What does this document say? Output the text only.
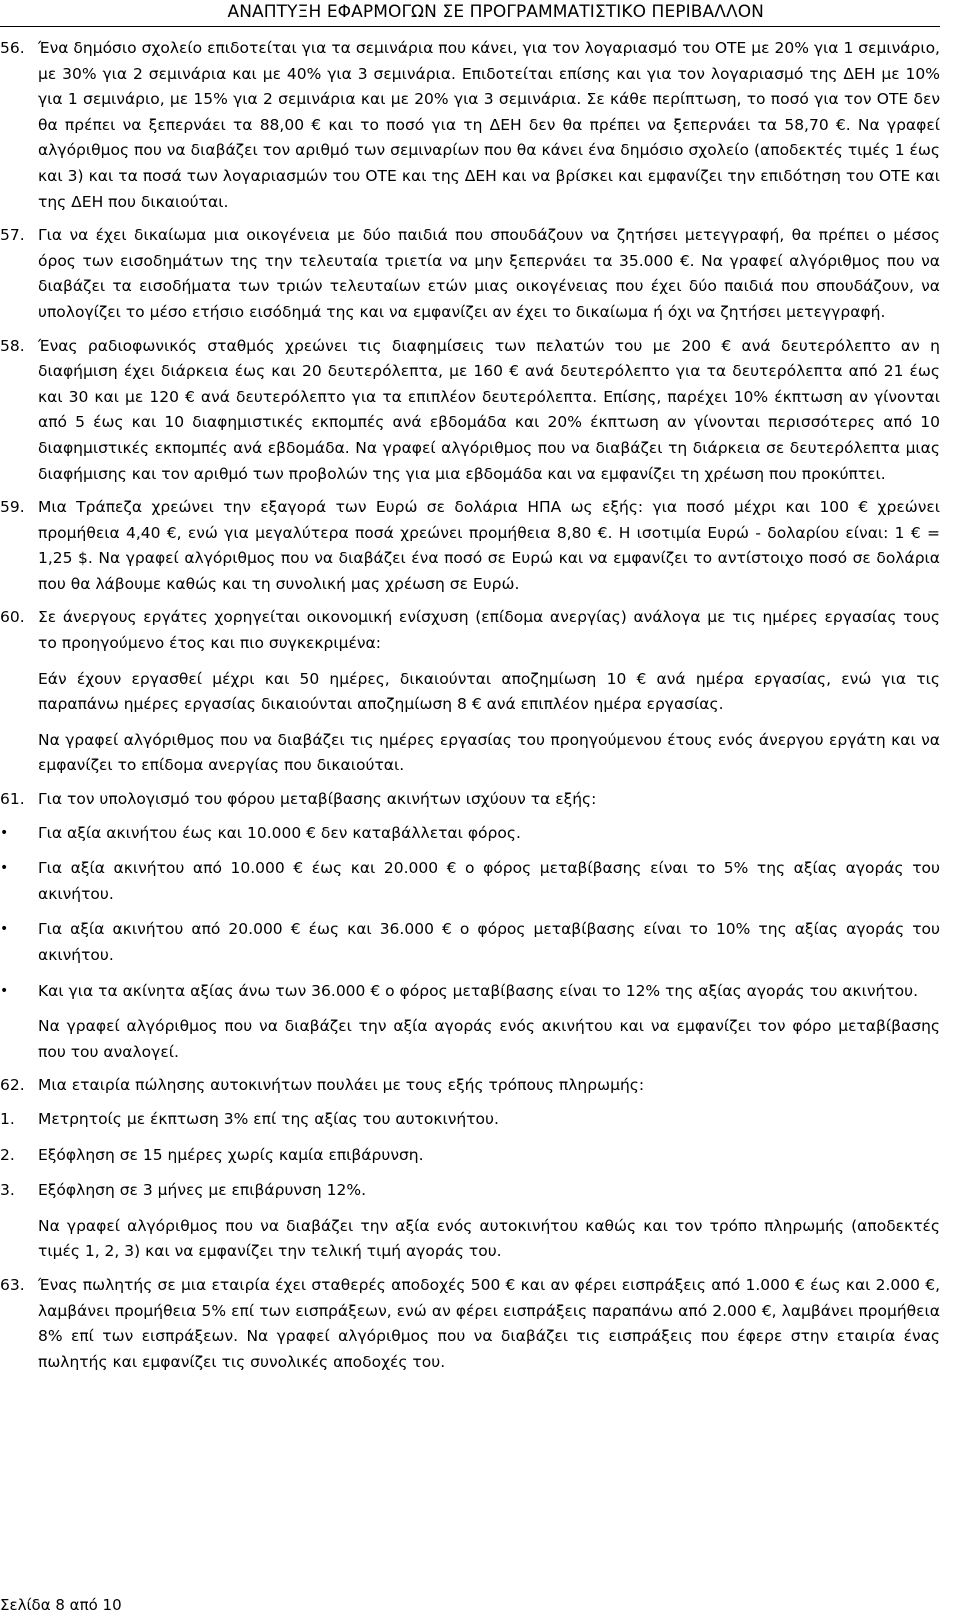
ΑΝΑΠΤΥΞΗ ΕΦΑΡΜΟΓΩΝ ΣΕ ΠΡΟΓΡΑΜΜΑΤΙΣΤΙΚΟ ΠΕΡΙΒΑΛΛΟΝ
56. Ένα δημόσιο σχολείο επιδοτείται για τα σεμινάρια που κάνει, για τον λογαριασμό του ΟΤΕ με 20% για 1 σεμινάριο, με 30% για 2 σεμινάρια και με 40% για 3 σεμινάρια. Επιδοτείται επίσης και για τον λογαριασμό της ΔΕΗ με 10% για 1 σεμινάριο, με 15% για 2 σεμινάρια και με 20% για 3 σεμινάρια. Σε κάθε περίπτωση, το ποσό για τον ΟΤΕ δεν θα πρέπει να ξεπερνάει τα 88,00 € και το ποσό για τη ΔΕΗ δεν θα πρέπει να ξεπερνάει τα 58,70 €. Να γραφεί αλγόριθμος που να διαβάζει τον αριθμό των σεμιναρίων που θα κάνει ένα δημόσιο σχολείο (αποδεκτές τιμές 1 έως και 3) και τα ποσά των λογαριασμών του ΟΤΕ και της ΔΕΗ και να βρίσκει και εμφανίζει την επιδότηση του ΟΤΕ και της ΔΕΗ που δικαιούται.

57. Για να έχει δικαίωμα μια οικογένεια με δύο παιδιά που σπουδάζουν να ζητήσει μετεγγραφή, θα πρέπει ο μέσος όρος των εισοδημάτων της την τελευταία τριετία να μην ξεπερνάει τα 35.000 €. Να γραφεί αλγόριθμος που να διαβάζει τα εισοδήματα των τριών τελευταίων ετών μιας οικογένειας που έχει δύο παιδιά που σπουδάζουν, να υπολογίζει το μέσο ετήσιο εισόδημά της και να εμφανίζει αν έχει το δικαίωμα ή όχι να ζητήσει μετεγγραφή.

58. Ένας ραδιοφωνικός σταθμός χρεώνει τις διαφημίσεις των πελατών του με 200 € ανά δευτερόλεπτο αν η διαφήμιση έχει διάρκεια έως και 20 δευτερόλεπτα, με 160 € ανά δευτερόλεπτο για τα δευτερόλεπτα από 21 έως και 30 και με 120 € ανά δευτερόλεπτο για τα επιπλέον δευτερόλεπτα. Επίσης, παρέχει 10% έκπτωση αν γίνονται από 5 έως και 10 διαφημιστικές εκπομπές ανά εβδομάδα και 20% έκπτωση αν γίνονται περισσότερες από 10 διαφημιστικές εκπομπές ανά εβδομάδα. Να γραφεί αλγόριθμος που να διαβάζει τη διάρκεια σε δευτερόλεπτα μιας διαφήμισης και τον αριθμό των προβολών της για μια εβδομάδα και να εμφανίζει τη χρέωση που προκύπτει.

59. Μια Τράπεζα χρεώνει την εξαγορά των Ευρώ σε δολάρια ΗΠΑ ως εξής: για ποσό μέχρι και 100 € χρεώνει προμήθεια 4,40 €, ενώ για μεγαλύτερα ποσά χρεώνει προμήθεια 8,80 €. Η ισοτιμία Ευρώ - δολαρίου είναι: 1 € = 1,25 $. Να γραφεί αλγόριθμος που να διαβάζει ένα ποσό σε Ευρώ και να εμφανίζει το αντίστοιχο ποσό σε δολάρια που θα λάβουμε καθώς και τη συνολική μας χρέωση σε Ευρώ.

60. Σε άνεργους εργάτες χορηγείται οικονομική ενίσχυση (επίδομα ανεργίας) ανάλογα με τις ημέρες εργασίας τους το προηγούμενο έτος και πιο συγκεκριμένα:

Εάν έχουν εργασθεί μέχρι και 50 ημέρες, δικαιούνται αποζημίωση 10 € ανά ημέρα εργασίας, ενώ για τις παραπάνω ημέρες εργασίας δικαιούνται αποζημίωση 8 € ανά επιπλέον ημέρα εργασίας.

Να γραφεί αλγόριθμος που να διαβάζει τις ημέρες εργασίας του προηγούμενου έτους ενός άνεργου εργάτη και να εμφανίζει το επίδομα ανεργίας που δικαιούται.

61. Για τον υπολογισμό του φόρου μεταβίβασης ακινήτων ισχύουν τα εξής:

•	Για αξία ακινήτου έως και 10.000 € δεν καταβάλλεται φόρος.
•	Για αξία ακινήτου από 10.000 € έως και 20.000 € ο φόρος μεταβίβασης είναι το 5% της αξίας αγοράς του ακινήτου.
•	Για αξία ακινήτου από 20.000 € έως και 36.000 € ο φόρος μεταβίβασης είναι το 10% της αξίας αγοράς του ακινήτου.
•	Και για τα ακίνητα αξίας άνω των 36.000 € ο φόρος μεταβίβασης είναι το 12% της αξίας αγοράς του ακινήτου.

Να γραφεί αλγόριθμος που να διαβάζει την αξία αγοράς ενός ακινήτου και να εμφανίζει τον φόρο μεταβίβασης που του αναλογεί.

62. Μια εταιρία πώλησης αυτοκινήτων πουλάει με τους εξής τρόπους πληρωμής:

1.	Μετρητοίς με έκπτωση 3% επί της αξίας του αυτοκινήτου.
2.	Εξόφληση σε 15 ημέρες χωρίς καμία επιβάρυνση.
3.	Εξόφληση σε 3 μήνες με επιβάρυνση 12%.

Να γραφεί αλγόριθμος που να διαβάζει την αξία ενός αυτοκινήτου καθώς και τον τρόπο πληρωμής (αποδεκτές τιμές 1, 2, 3) και να εμφανίζει την τελική τιμή αγοράς του.

63. Ένας πωλητής σε μια εταιρία έχει σταθερές αποδοχές 500 € και αν φέρει εισπράξεις από 1.000 € έως και 2.000 €, λαμβάνει προμήθεια 5% επί των εισπράξεων, ενώ αν φέρει εισπράξεις παραπάνω από 2.000 €, λαμβάνει προμήθεια 8% επί των εισπράξεων. Να γραφεί αλγόριθμος που να διαβάζει τις εισπράξεις που έφερε στην εταιρία ένας πωλητής και εμφανίζει τις συνολικές αποδοχές του.

Σελίδα 8 από 10
